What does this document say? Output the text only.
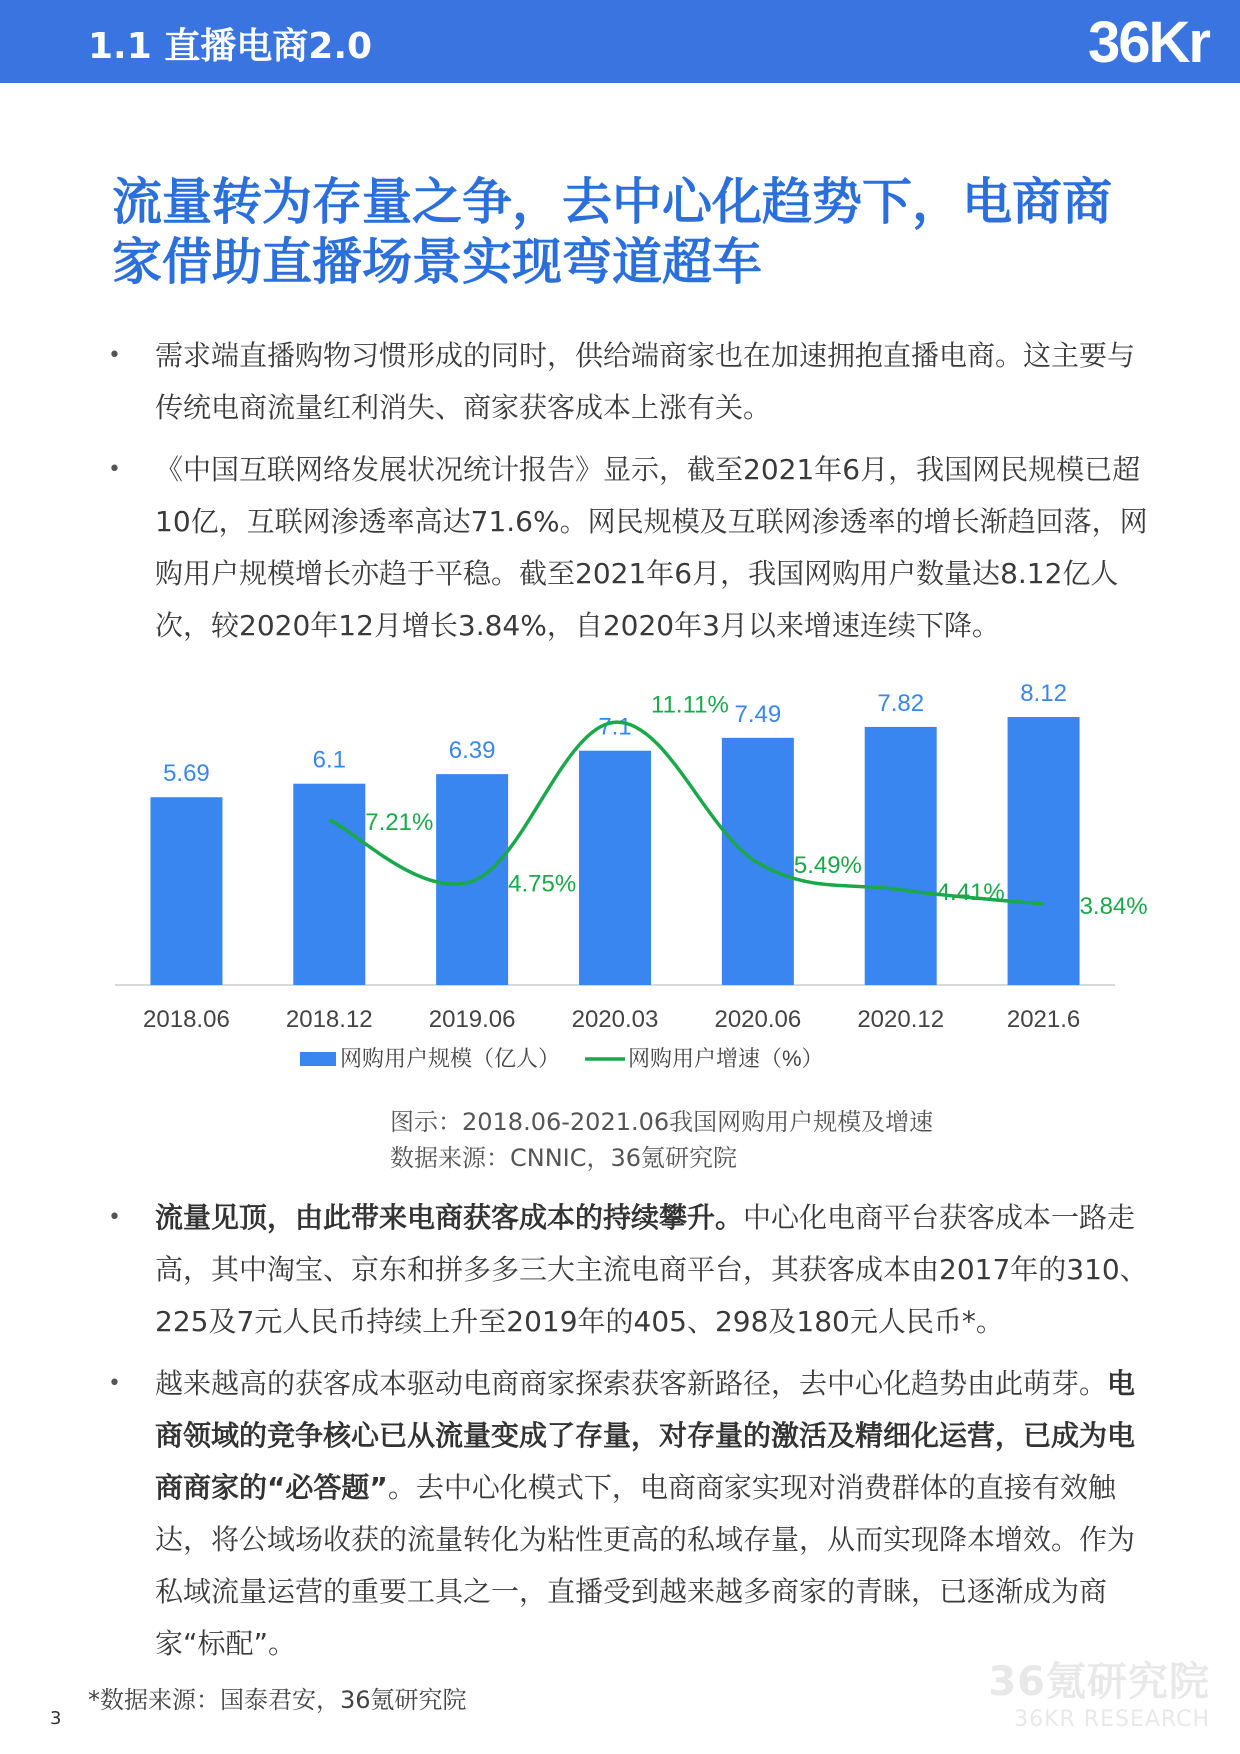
1.1 直播电商2.0	36Kr
流量转为存量之争，去中心化趋势下，电商商家借助直播场景实现弯道超车
• 需求端直播购物习惯形成的同时，供给端商家也在加速拥抱直播电商。这主要与传统电商流量红利消失、商家获客成本上涨有关。
• 《中国互联网络发展状况统计报告》显示，截至2021年6月，我国网民规模已超10亿，互联网渗透率高达71.6%。网民规模及互联网渗透率的增长渐趋回落，网购用户规模增长亦趋于平稳。截至2021年6月，我国网购用户数量达8.12亿人次，较2020年12月增长3.84%，自2020年3月以来增速连续下降。
5.69
2018.06
6.1
2018.12
6.39
2019.06
7.1
2020.03
7.49
2020.06
7.82
2020.12
8.12
2021.6
7.21%
4.75%
11.11%
5.49%
4.41%
3.84%
网购用户规模（亿人）	网购用户增速（%）
图示：2018.06-2021.06我国网购用户规模及增速
数据来源：CNNIC，36氪研究院
• 流量见顶，由此带来电商获客成本的持续攀升。中心化电商平台获客成本一路走高，其中淘宝、京东和拼多多三大主流电商平台，其获客成本由2017年的310、225及7元人民币持续上升至2019年的405、298及180元人民币*。
• 越来越高的获客成本驱动电商商家探索获客新路径，去中心化趋势由此萌芽。电商领域的竞争核心已从流量变成了存量，对存量的激活及精细化运营，已成为电商商家的“必答题”。去中心化模式下，电商商家实现对消费群体的直接有效触达，将公域场收获的流量转化为粘性更高的私域存量，从而实现降本增效。作为私域流量运营的重要工具之一，直播受到越来越多商家的青睐，已逐渐成为商家“标配”。
*数据来源：国泰君安，36氪研究院
3
36氪研究院
36KR RESEARCH
